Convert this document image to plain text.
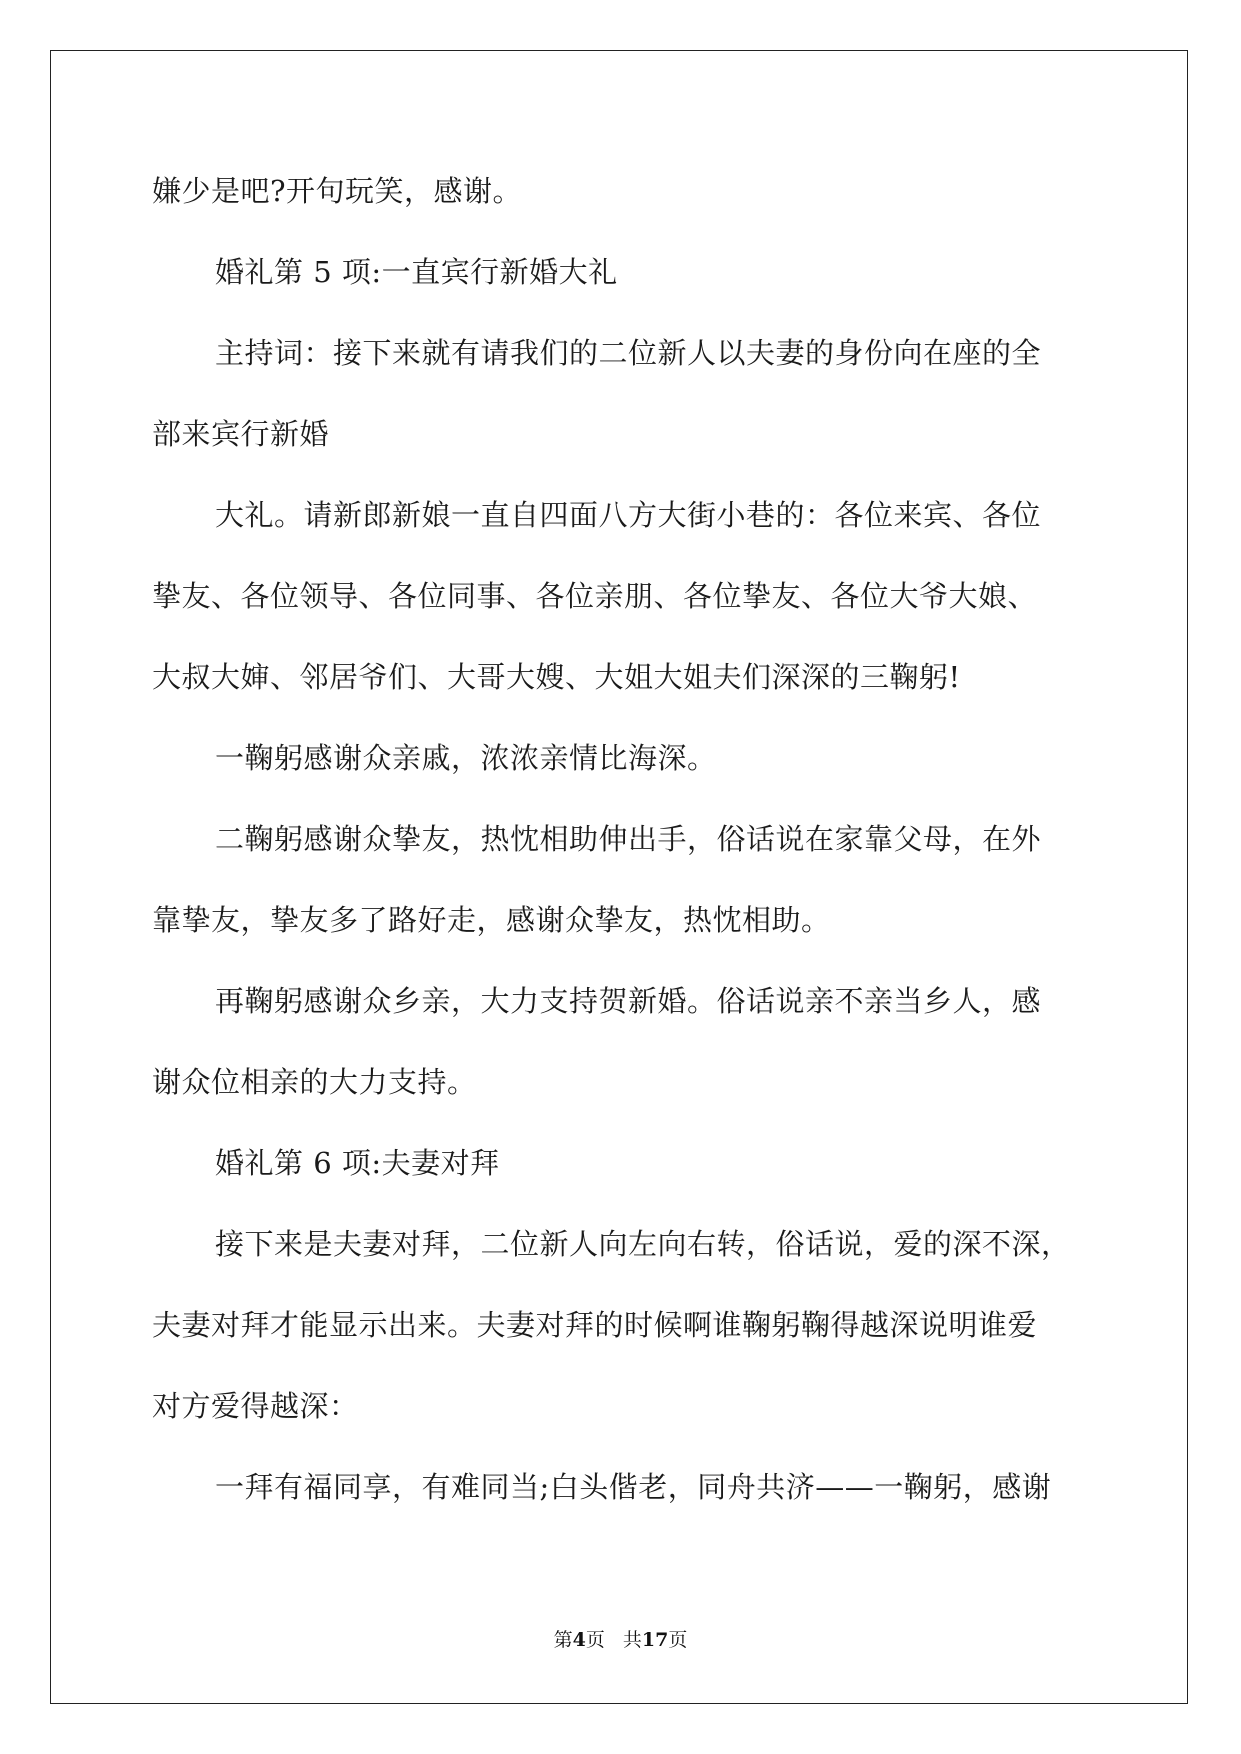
嫌少是吧?开句玩笑，感谢。
婚礼第 5 项:一直宾行新婚大礼
主持词：接下来就有请我们的二位新人以夫妻的身份向在座的全
部来宾行新婚
大礼。请新郎新娘一直自四面八方大街小巷的：各位来宾、各位
挚友、各位领导、各位同事、各位亲朋、各位挚友、各位大爷大娘、
大叔大婶、邻居爷们、大哥大嫂、大姐大姐夫们深深的三鞠躬!
一鞠躬感谢众亲戚，浓浓亲情比海深。
二鞠躬感谢众挚友，热忱相助伸出手，俗话说在家靠父母，在外
靠挚友，挚友多了路好走，感谢众挚友，热忱相助。
再鞠躬感谢众乡亲，大力支持贺新婚。俗话说亲不亲当乡人，感
谢众位相亲的大力支持。
婚礼第 6 项:夫妻对拜
接下来是夫妻对拜，二位新人向左向右转，俗话说，爱的深不深，
夫妻对拜才能显示出来。夫妻对拜的时候啊谁鞠躬鞠得越深说明谁爱
对方爱得越深：
一拜有福同享，有难同当;白头偕老，同舟共济——一鞠躬，感谢
第4页 共17页
